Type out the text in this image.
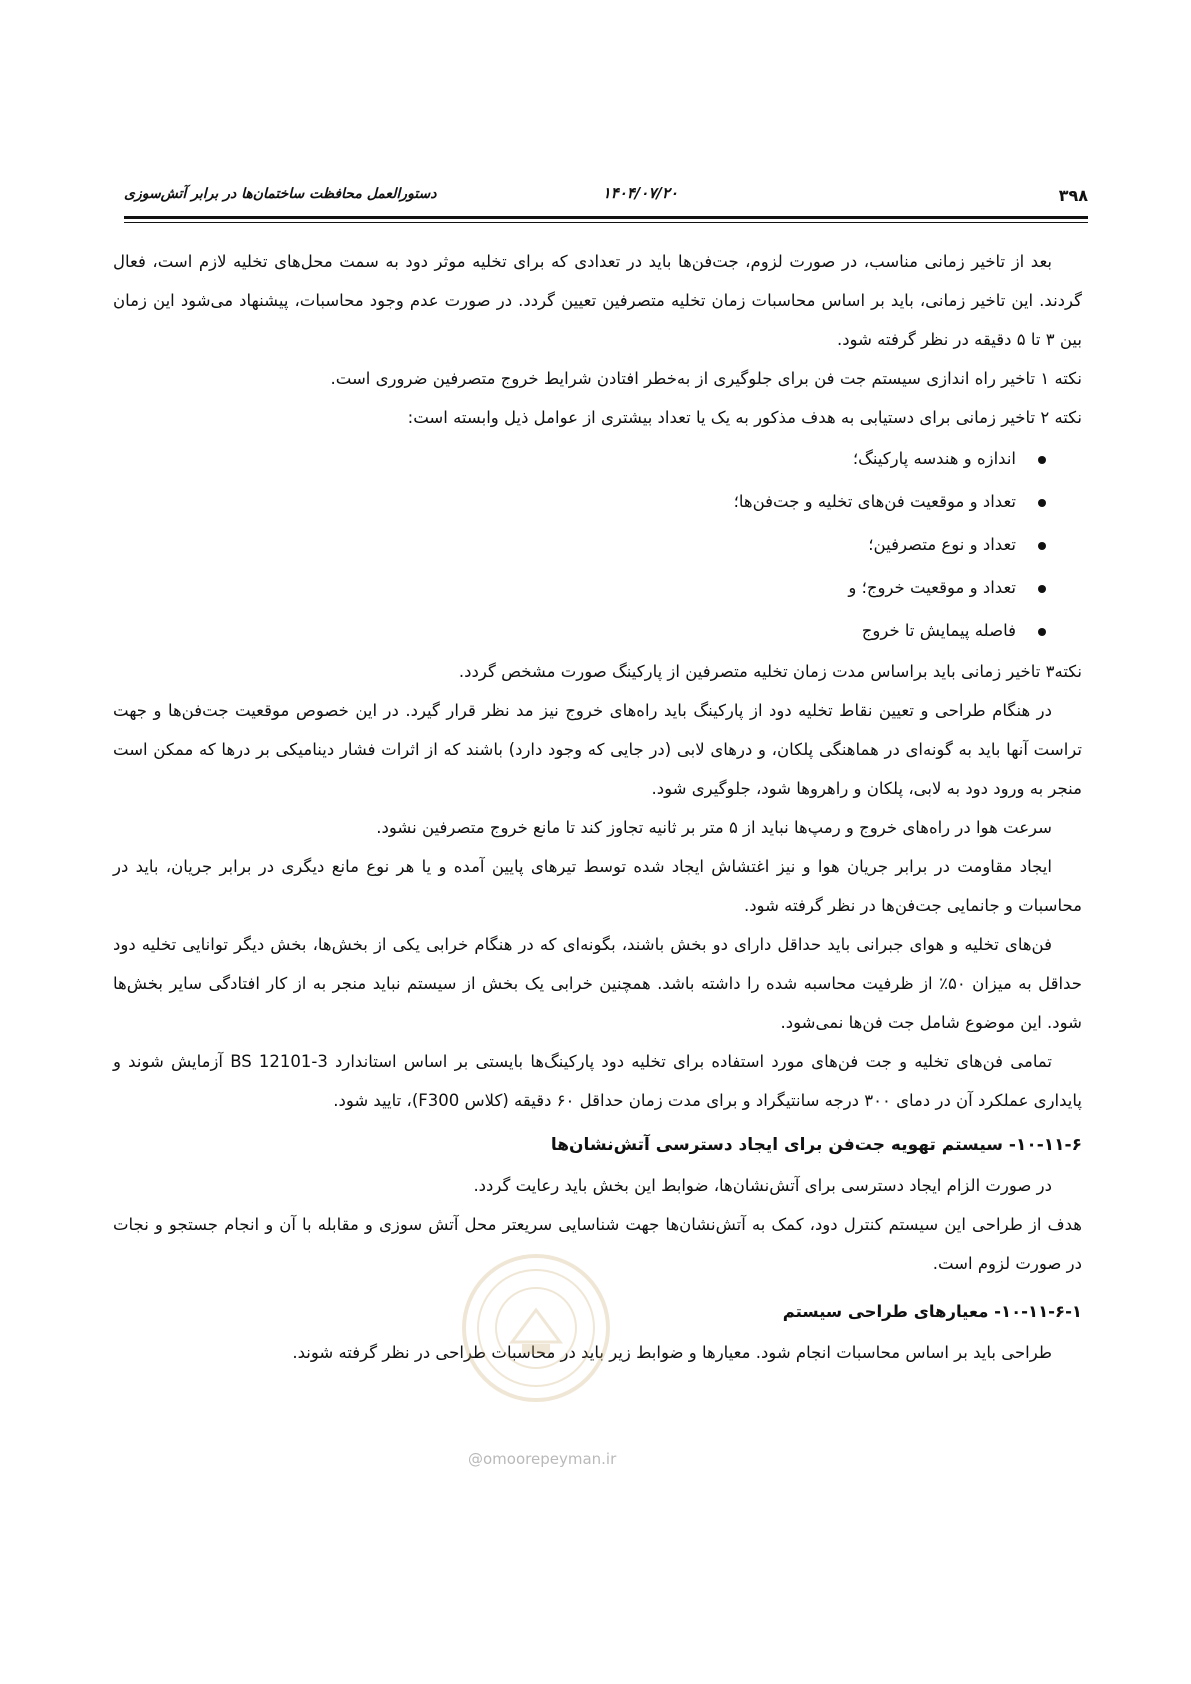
۳۹۸
۱۴۰۴/۰۷/۲۰
دستورالعمل محافظت ساختمان‌ها در برابر آتش‌سوزی

بعد از تاخیر زمانی مناسب، در صورت لزوم، جت‌فن‌ها باید در تعدادی که برای تخلیه موثر دود به سمت محل‌های تخلیه لازم است، فعال گردند. این تاخیر زمانی، باید بر اساس محاسبات زمان تخلیه متصرفین تعیین گردد. در صورت عدم وجود محاسبات، پیشنهاد می‌شود این زمان بین ۳ تا ۵ دقیقه در نظر گرفته شود.

نکته ۱ تاخیر راه اندازی سیستم جت فن برای جلوگیری از به‌خطر افتادن شرایط خروج متصرفین ضروری است.

نکته ۲ تاخیر زمانی برای دستیابی به هدف مذکور به یک یا تعداد بیشتری از عوامل ذیل وابسته است:

اندازه و هندسه پارکینگ؛
تعداد و موقعیت فن‌های تخلیه و جت‌فن‌ها؛
تعداد و نوع متصرفین؛
تعداد و موقعیت خروج؛ و
فاصله پیمایش تا خروج

نکته۳ تاخیر زمانی باید براساس مدت زمان تخلیه متصرفین از پارکینگ صورت مشخص گردد.

در هنگام طراحی و تعیین نقاط تخلیه دود از پارکینگ باید راه‌های خروج نیز مد نظر قرار گیرد. در این خصوص موقعیت جت‌فن‌ها و جهت تراست آنها باید به گونه‌ای در هماهنگی پلکان، و درهای لابی (در جایی که وجود دارد) باشند که از اثرات فشار دینامیکی بر درها که ممکن است منجر به ورود دود به لابی، پلکان و راهروها شود، جلوگیری شود.

سرعت هوا در راه‌های خروج و رمپ‌ها نباید از ۵ متر بر ثانیه تجاوز کند تا مانع خروج متصرفین نشود.

ایجاد مقاومت در برابر جریان هوا و نیز اغتشاش ایجاد شده توسط تیرهای پایین آمده و یا هر نوع مانع دیگری در برابر جریان، باید در محاسبات و جانمایی جت‌فن‌ها در نظر گرفته شود.

فن‌های تخلیه و هوای جبرانی باید حداقل دارای دو بخش باشند، بگونه‌ای که در هنگام خرابی یکی از بخش‌ها، بخش دیگر توانایی تخلیه دود حداقل به میزان ۵۰٪ از ظرفیت محاسبه شده را داشته باشد. همچنین خرابی یک بخش از سیستم نباید منجر به از کار افتادگی سایر بخش‌ها شود. این موضوع شامل جت فن‌ها نمی‌شود.

تمامی فن‌های تخلیه و جت فن‌های مورد استفاده برای تخلیه دود پارکینگ‌ها بایستی بر اساس استاندارد BS 12101-3 آزمایش شوند و پایداری عملکرد آن در دمای ۳۰۰ درجه سانتیگراد و برای مدت زمان حداقل ۶۰ دقیقه (کلاس F300)، تایید شود.

۱۰-۱۱-۶- سیستم تهویه جت‌فن برای ایجاد دسترسی آتش‌نشان‌ها

در صورت الزام ایجاد دسترسی برای آتش‌نشان‌ها، ضوابط این بخش باید رعایت گردد.

هدف از طراحی این سیستم کنترل دود، کمک به آتش‌نشان‌ها جهت شناسایی سریعتر محل آتش سوزی و مقابله با آن و انجام جستجو و نجات در صورت لزوم است.

۱۰-۱۱-۶-۱- معیارهای طراحی سیستم

طراحی باید بر اساس محاسبات انجام شود. معیارها و ضوابط زیر باید در محاسبات طراحی در نظر گرفته شوند.

@omoorepeyman.ir
